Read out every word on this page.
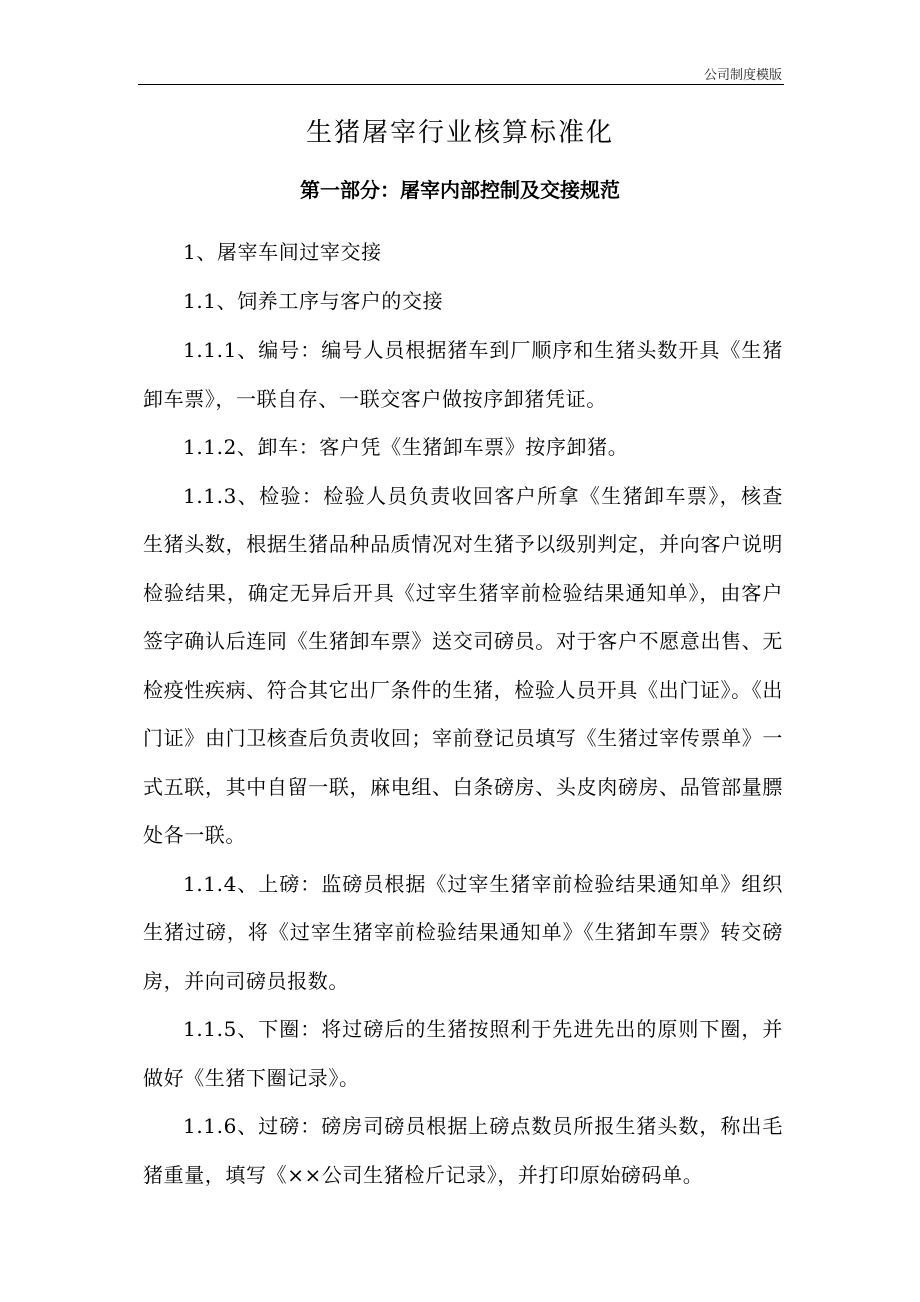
公司制度模版
生猪屠宰行业核算标准化
第一部分：屠宰内部控制及交接规范

1、屠宰车间过宰交接

1.1、饲养工序与客户的交接

1.1.1、编号：编号人员根据猪车到厂顺序和生猪头数开具《生猪卸车票》，一联自存、一联交客户做按序卸猪凭证。

1.1.2、卸车：客户凭《生猪卸车票》按序卸猪。

1.1.3、检验：检验人员负责收回客户所拿《生猪卸车票》，核查生猪头数，根据生猪品种品质情况对生猪予以级别判定，并向客户说明检验结果，确定无异后开具《过宰生猪宰前检验结果通知单》，由客户签字确认后连同《生猪卸车票》送交司磅员。对于客户不愿意出售、无检疫性疾病、符合其它出厂条件的生猪，检验人员开具《出门证》。《出门证》由门卫核查后负责收回；宰前登记员填写《生猪过宰传票单》一式五联，其中自留一联，麻电组、白条磅房、头皮肉磅房、品管部量膘处各一联。

1.1.4、上磅：监磅员根据《过宰生猪宰前检验结果通知单》组织生猪过磅，将《过宰生猪宰前检验结果通知单》《生猪卸车票》转交磅房，并向司磅员报数。

1.1.5、下圈：将过磅后的生猪按照利于先进先出的原则下圈，并做好《生猪下圈记录》。

1.1.6、过磅：磅房司磅员根据上磅点数员所报生猪头数，称出毛猪重量，填写《××公司生猪检斤记录》，并打印原始磅码单。
